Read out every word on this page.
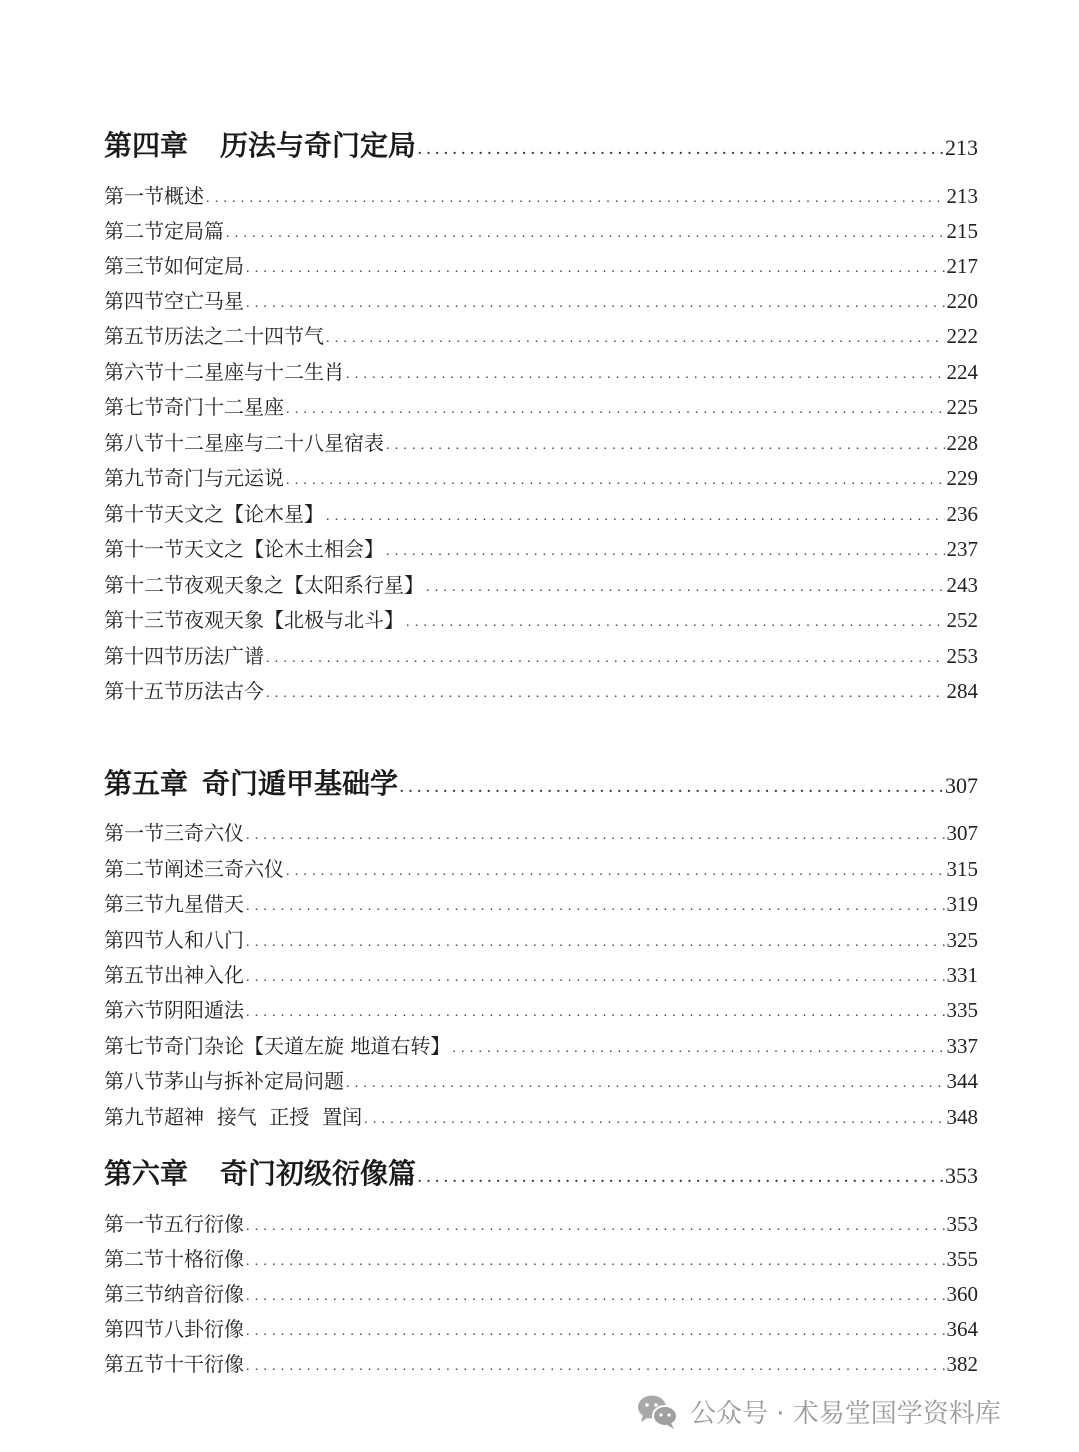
第四章 历法与奇门定局 .....	213
第一节 概述 .....	213
第二节 定局篇 .....	215
第三节 如何定局 .....	217
第四节 空亡马星 .....	220
第五节 历法之二十四节气 .....	222
第六节 十二星座与十二生肖 .....	224
第七节 奇门十二星座 .....	225
第八节 十二星座与二十八星宿表 .....	228
第九节 奇门与元运说 .....	229
第十节 天文之【论木星】 .....	236
第十一节 天文之【论木土相会】 .....	237
第十二节 夜观天象之【太阳系行星】 .....	243
第十三节 夜观天象【北极与北斗】 .....	252
第十四节 历法广谱 .....	253
第十五节 历法古今 .....	284
第五章 奇门遁甲基础学 .....	307
第一节 三奇六仪 .....	307
第二节 阐述三奇六仪 .....	315
第三节 九星借天 .....	319
第四节 人和八门 .....	325
第五节 出神入化 .....	331
第六节 阴阳遁法 .....	335
第七节 奇门杂论【天道左旋 地道右转】 .....	337
第八节 茅山与拆补定局问题 .....	344
第九节 超神  接气  正授  置闰 .....	348
第六章 奇门初级衍像篇 .....	353
第一节 五行衍像 .....	353
第二节 十格衍像 .....	355
第三节 纳音衍像 .....	360
第四节 八卦衍像 .....	364
第五节 十干衍像 .....	382
公众号 · 术易堂国学资料库
